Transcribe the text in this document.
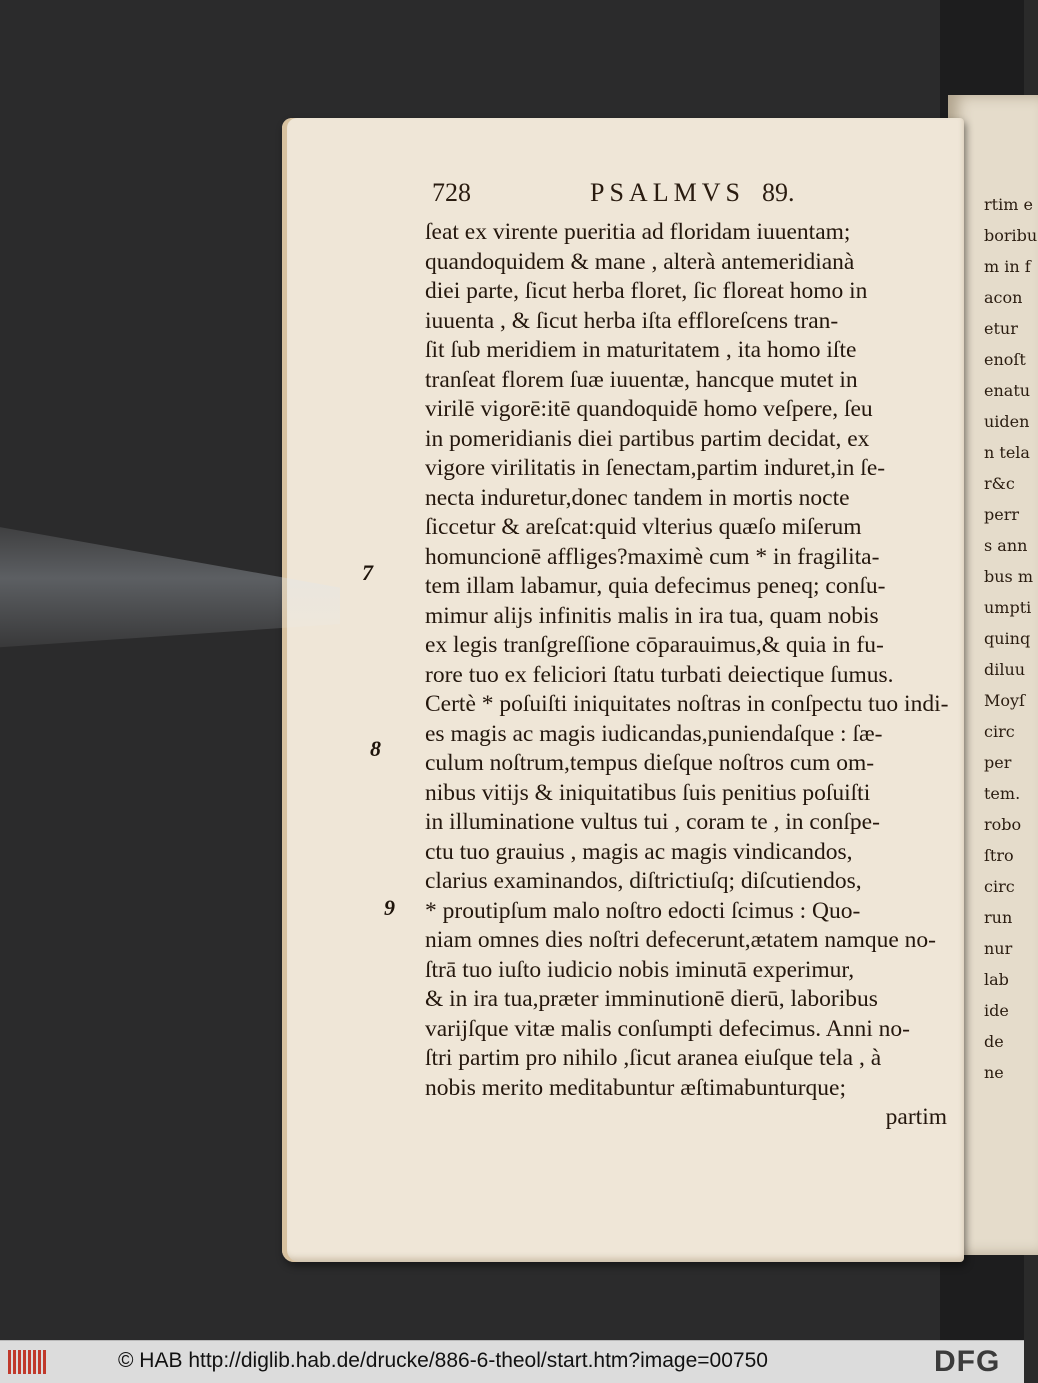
rtim e
boribu
m in f
acon
etur
enoſt
enatu
uiden
n tela
r&c
perr
s ann
bus m
umpti
quinq
diluu
Moyſ
circ
per
tem.
robo
ſtro
circ
run
nur
lab
ide
de
ne
728	PSALMVS 89.
ſeat ex virente pueritia ad floridam iuuentam;
quandoquidem & mane , alterà antemeridianà
diei parte, ſicut herba floret, ſic floreat homo in
iuuenta , & ſicut herba iſta effloreſcens tran-
ſit ſub meridiem in maturitatem , ita homo iſte
tranſeat florem ſuæ iuuentæ, hancque mutet in
virilē vigorē:itē quandoquidē homo veſpere, ſeu
in pomeridianis diei partibus partim decidat, ex
vigore virilitatis in ſenectam,partim induret,in ſe-
necta induretur,donec tandem in mortis nocte
ſiccetur & areſcat:quid vlterius quæſo miſerum
homuncionē affliges?maximè cum * in fragilita-
tem illam labamur, quia defecimus peneq; conſu-
mimur alijs infinitis malis in ira tua, quam nobis
ex legis tranſgreſſione cōparauimus,& quia in fu-
rore tuo ex feliciori ſtatu turbati deiectique ſumus.
Certè * poſuiſti iniquitates noſtras in conſpectu tuo indi-
es magis ac magis iudicandas,puniendaſque : ſæ-
culum noſtrum,tempus dieſque noſtros cum om-
nibus vitijs & iniquitatibus ſuis penitius poſuiſti
in illuminatione vultus tui , coram te , in conſpe-
ctu tuo grauius , magis ac magis vindicandos,
clarius examinandos, diſtrictiuſq; diſcutiendos,
* proutipſum malo noſtro edocti ſcimus : Quo-
niam omnes dies noſtri defecerunt,ætatem namque no-
ſtrā tuo iuſto iudicio nobis iminutā experimur,
& in ira tua,præter imminutionē dierū, laboribus
varijſque vitæ malis conſumpti defecimus. Anni no-
ſtri partim pro nihilo ,ſicut aranea eiuſque tela , à
nobis merito meditabuntur æſtimabunturque;
partim
7
8
9
© HAB http://diglib.hab.de/drucke/886-6-theol/start.htm?image=00750	DFG
